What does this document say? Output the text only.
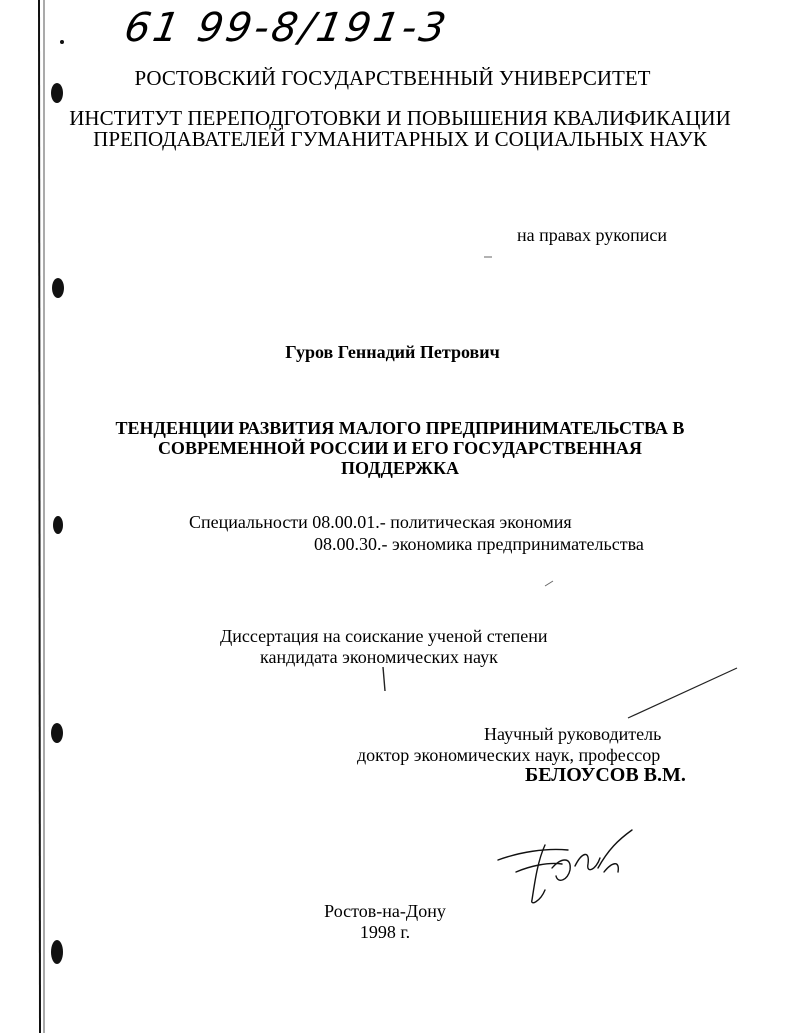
61 99-8/191-3
РОСТОВСКИЙ ГОСУДАРСТВЕННЫЙ УНИВЕРСИТЕТ
ИНСТИТУТ ПЕРЕПОДГОТОВКИ И ПОВЫШЕНИЯ КВАЛИФИКАЦИИ ПРЕПОДАВАТЕЛЕЙ ГУМАНИТАРНЫХ И СОЦИАЛЬНЫХ НАУК
на правах рукописи
Гуров Геннадий Петрович
ТЕНДЕНЦИИ РАЗВИТИЯ МАЛОГО ПРЕДПРИНИМАТЕЛЬСТВА В СОВРЕМЕННОЙ РОССИИ И ЕГО ГОСУДАРСТВЕННАЯ ПОДДЕРЖКА
Специальности 08.00.01.- политическая экономия
08.00.30.- экономика предпринимательства
Диссертация на соискание ученой степени
кандидата экономических наук
Научный руководитель
доктор экономических наук, профессор
БЕЛОУСОВ В.М.
Ростов-на-Дону
1998 г.
